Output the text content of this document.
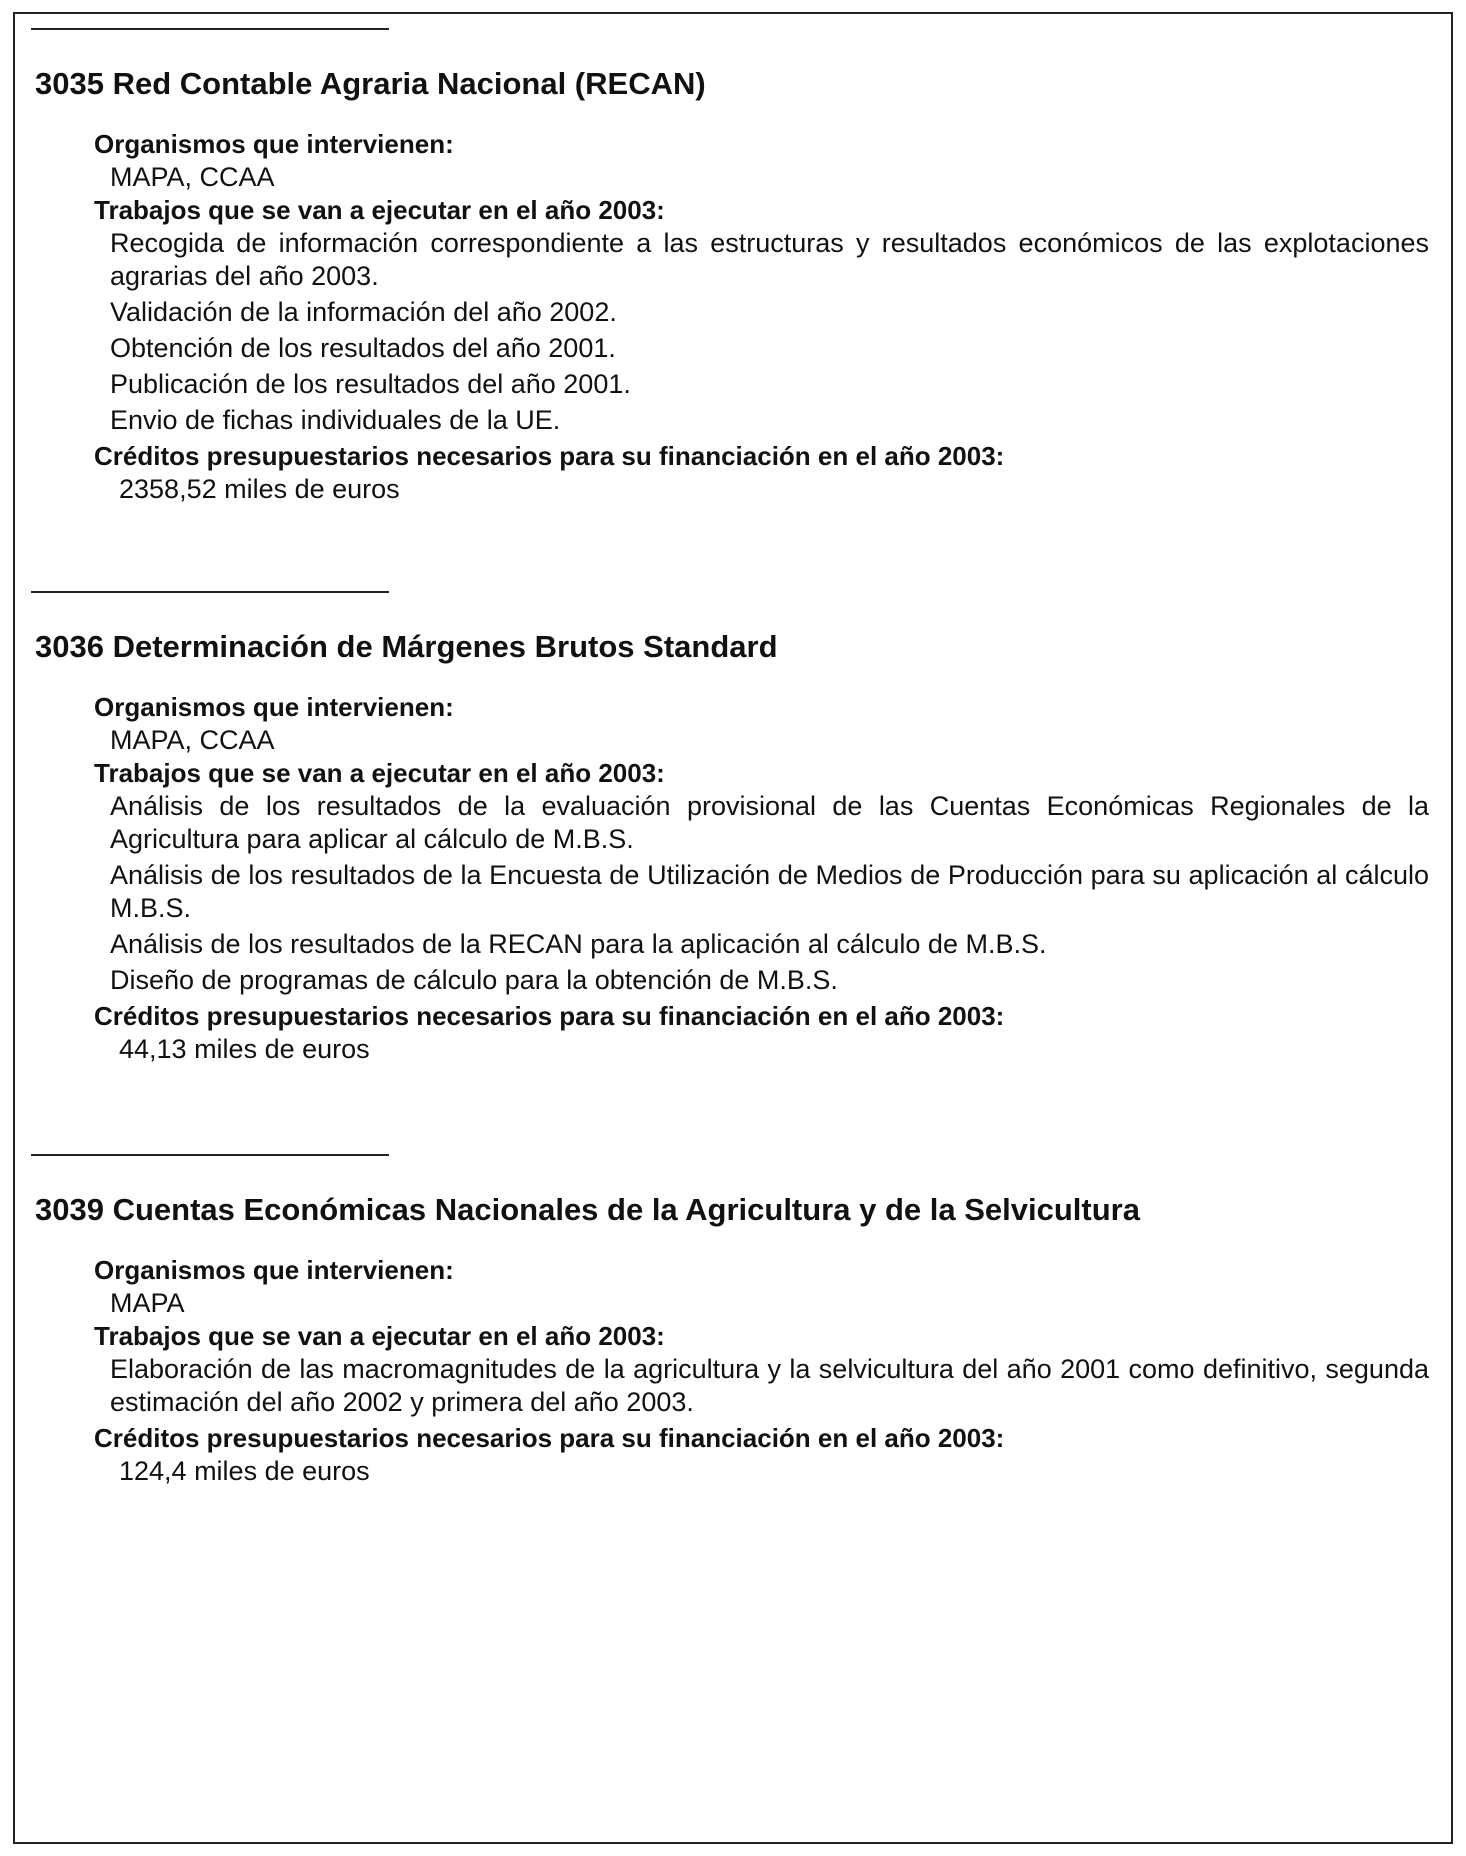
3035 Red Contable Agraria Nacional (RECAN)
Organismos que intervienen:
MAPA, CCAA
Trabajos que se van a ejecutar en el año 2003:
Recogida de información correspondiente a las estructuras y resultados económicos de las explotaciones agrarias del año 2003.
Validación de la información del año 2002.
Obtención de los resultados del año 2001.
Publicación de los resultados del año 2001.
Envio de fichas individuales de la UE.
Créditos presupuestarios necesarios para su financiación en el año 2003:
2358,52 miles de euros
3036 Determinación de Márgenes Brutos Standard
Organismos que intervienen:
MAPA, CCAA
Trabajos que se van a ejecutar en el año 2003:
Análisis de los resultados de la evaluación provisional de las Cuentas Económicas Regionales de la Agricultura para aplicar al cálculo de M.B.S.
Análisis de los resultados de la Encuesta de Utilización de Medios de Producción para su aplicación al cálculo M.B.S.
Análisis de los resultados de la RECAN para la aplicación al cálculo de M.B.S.
Diseño de programas de cálculo para la obtención de M.B.S.
Créditos presupuestarios necesarios para su financiación en el año 2003:
44,13 miles de euros
3039 Cuentas Económicas Nacionales de la Agricultura y de la Selvicultura
Organismos que intervienen:
MAPA
Trabajos que se van a ejecutar en el año 2003:
Elaboración de las macromagnitudes de la agricultura y la selvicultura del año 2001 como definitivo, segunda estimación del año 2002 y primera del año 2003.
Créditos presupuestarios necesarios para su financiación en el año 2003:
124,4 miles de euros
